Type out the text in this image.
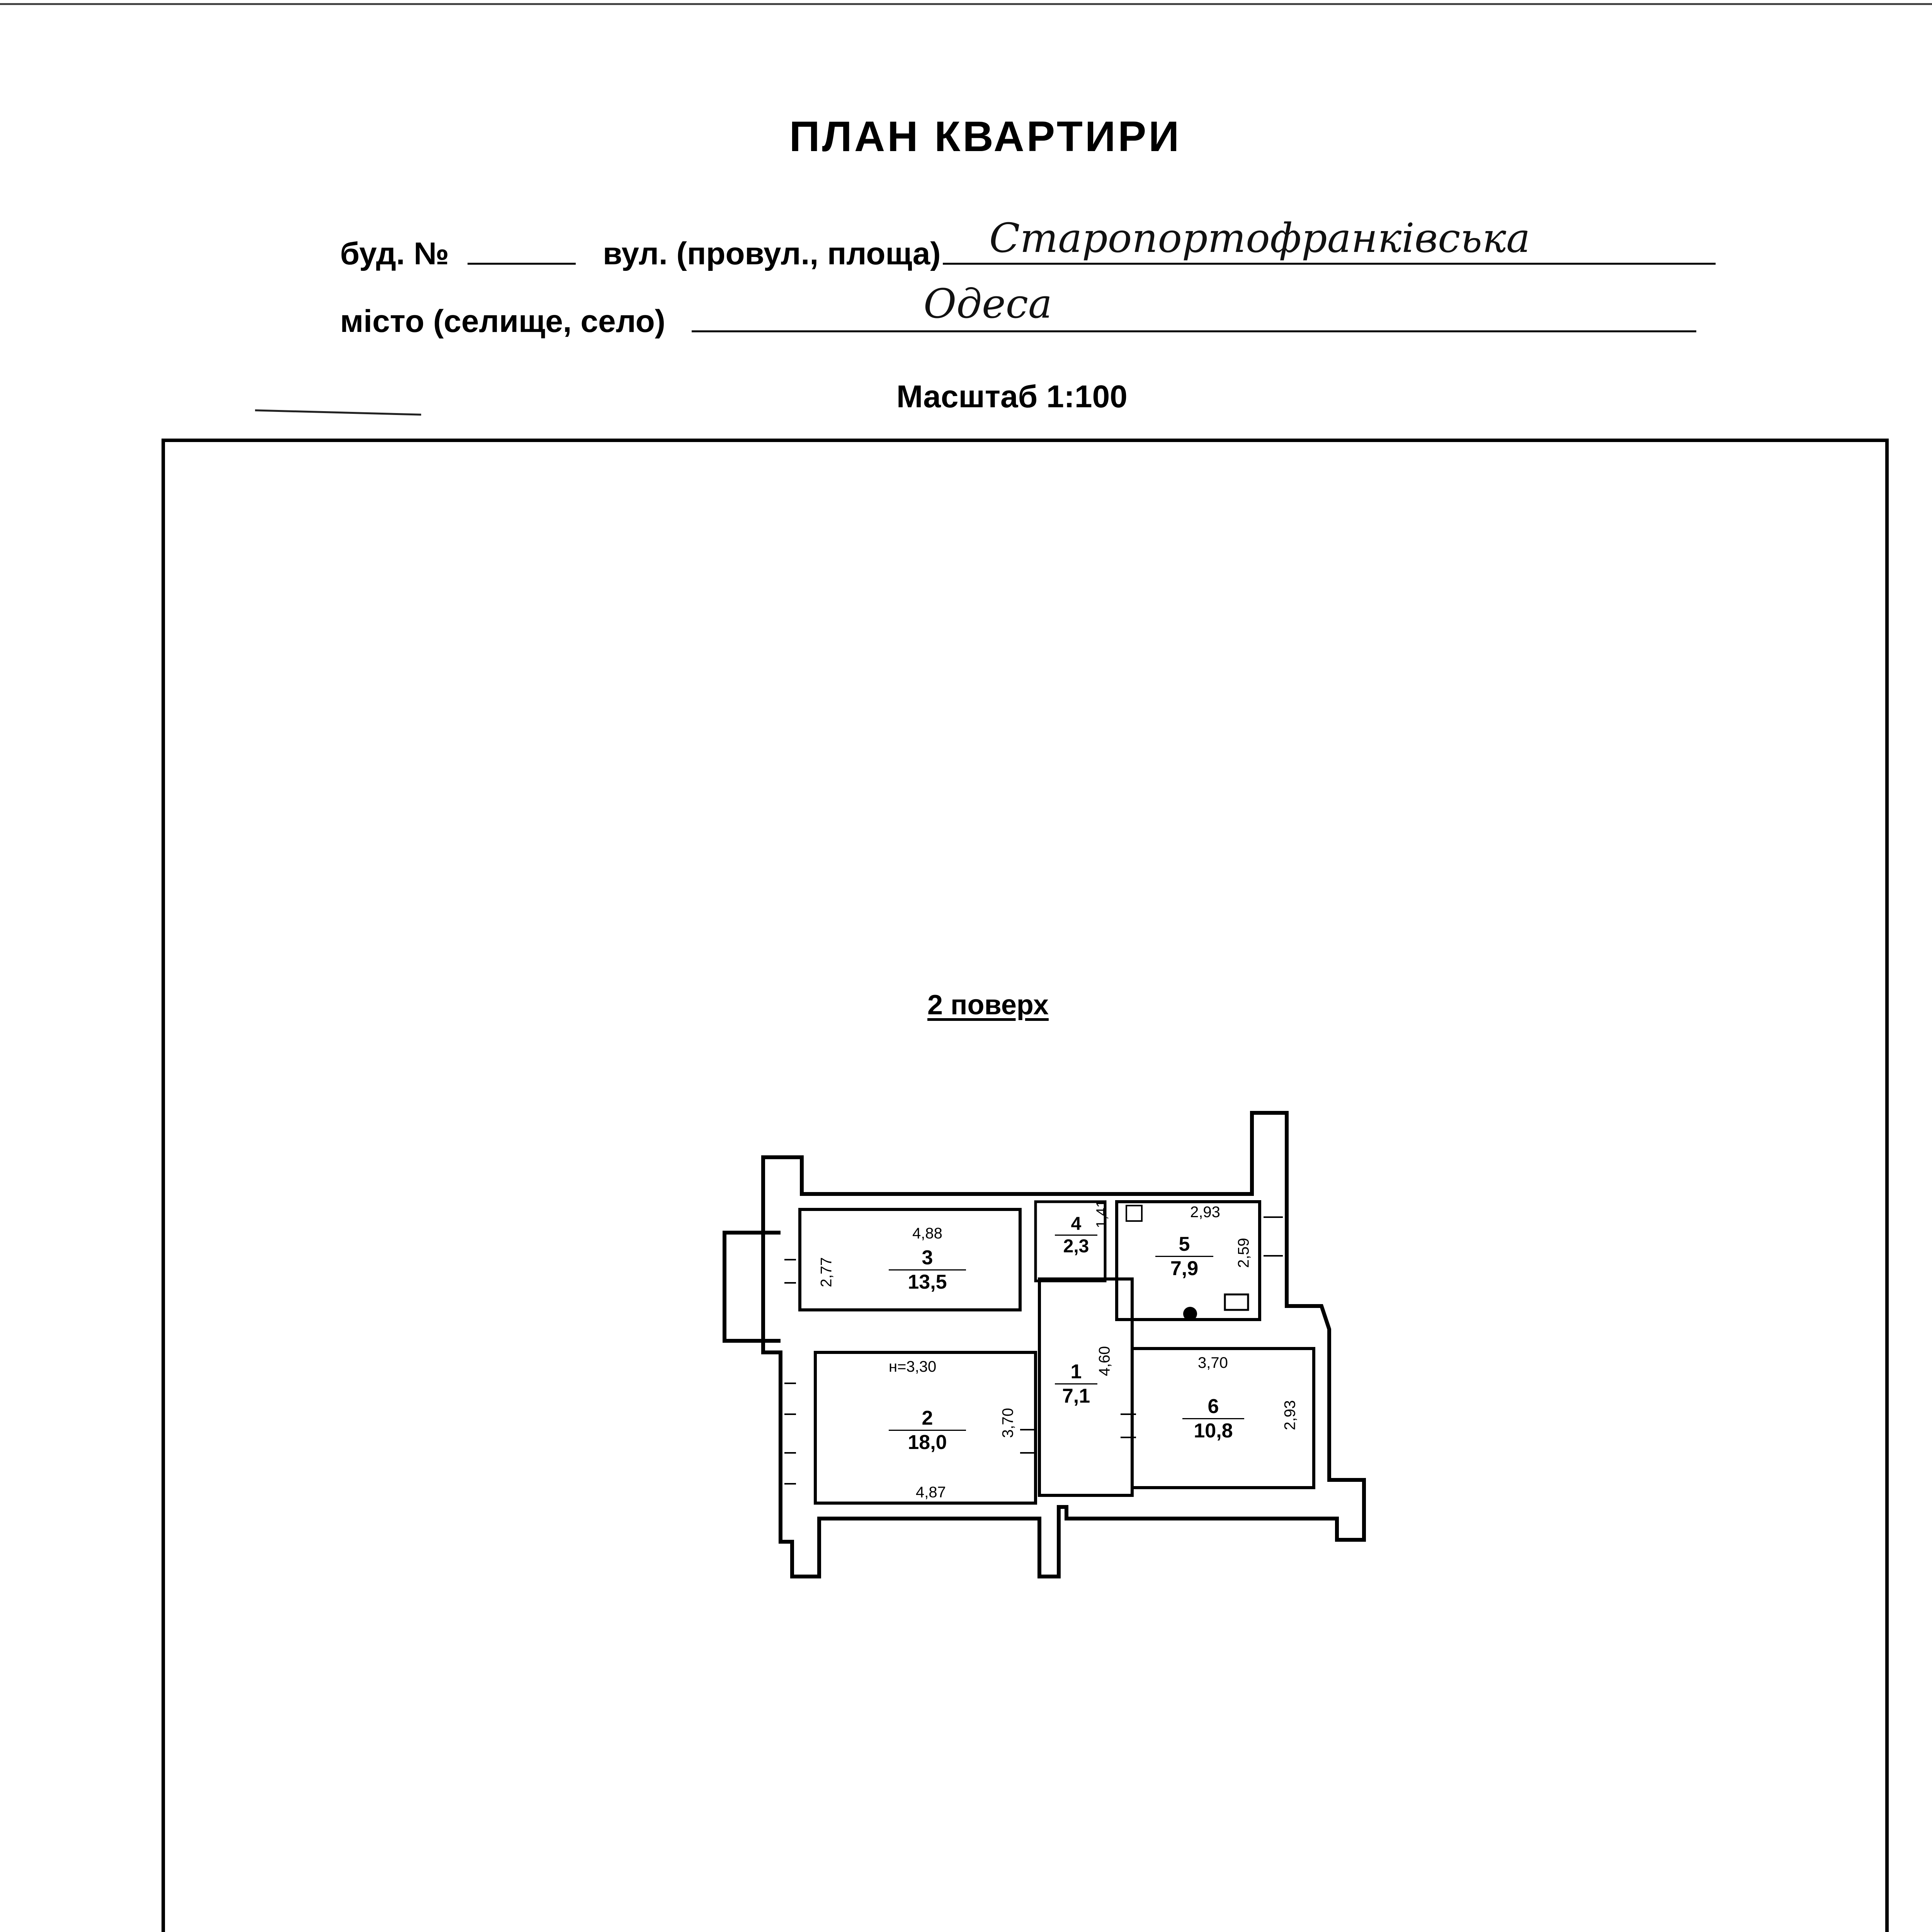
ПЛАН КВАРТИРИ
буд. №	вул. (провул., площа) Старопортофранківська
місто (селище, село)	Одеса
Масштаб 1:100
2 поверх
4,88
3
13,5
2,77
2
18,0
н=3,30
3,70
4,87
4
2,3
1,41
5
7,9
2,93
2,59
1
7,1
4,60
6
10,8
3,70
2,93
